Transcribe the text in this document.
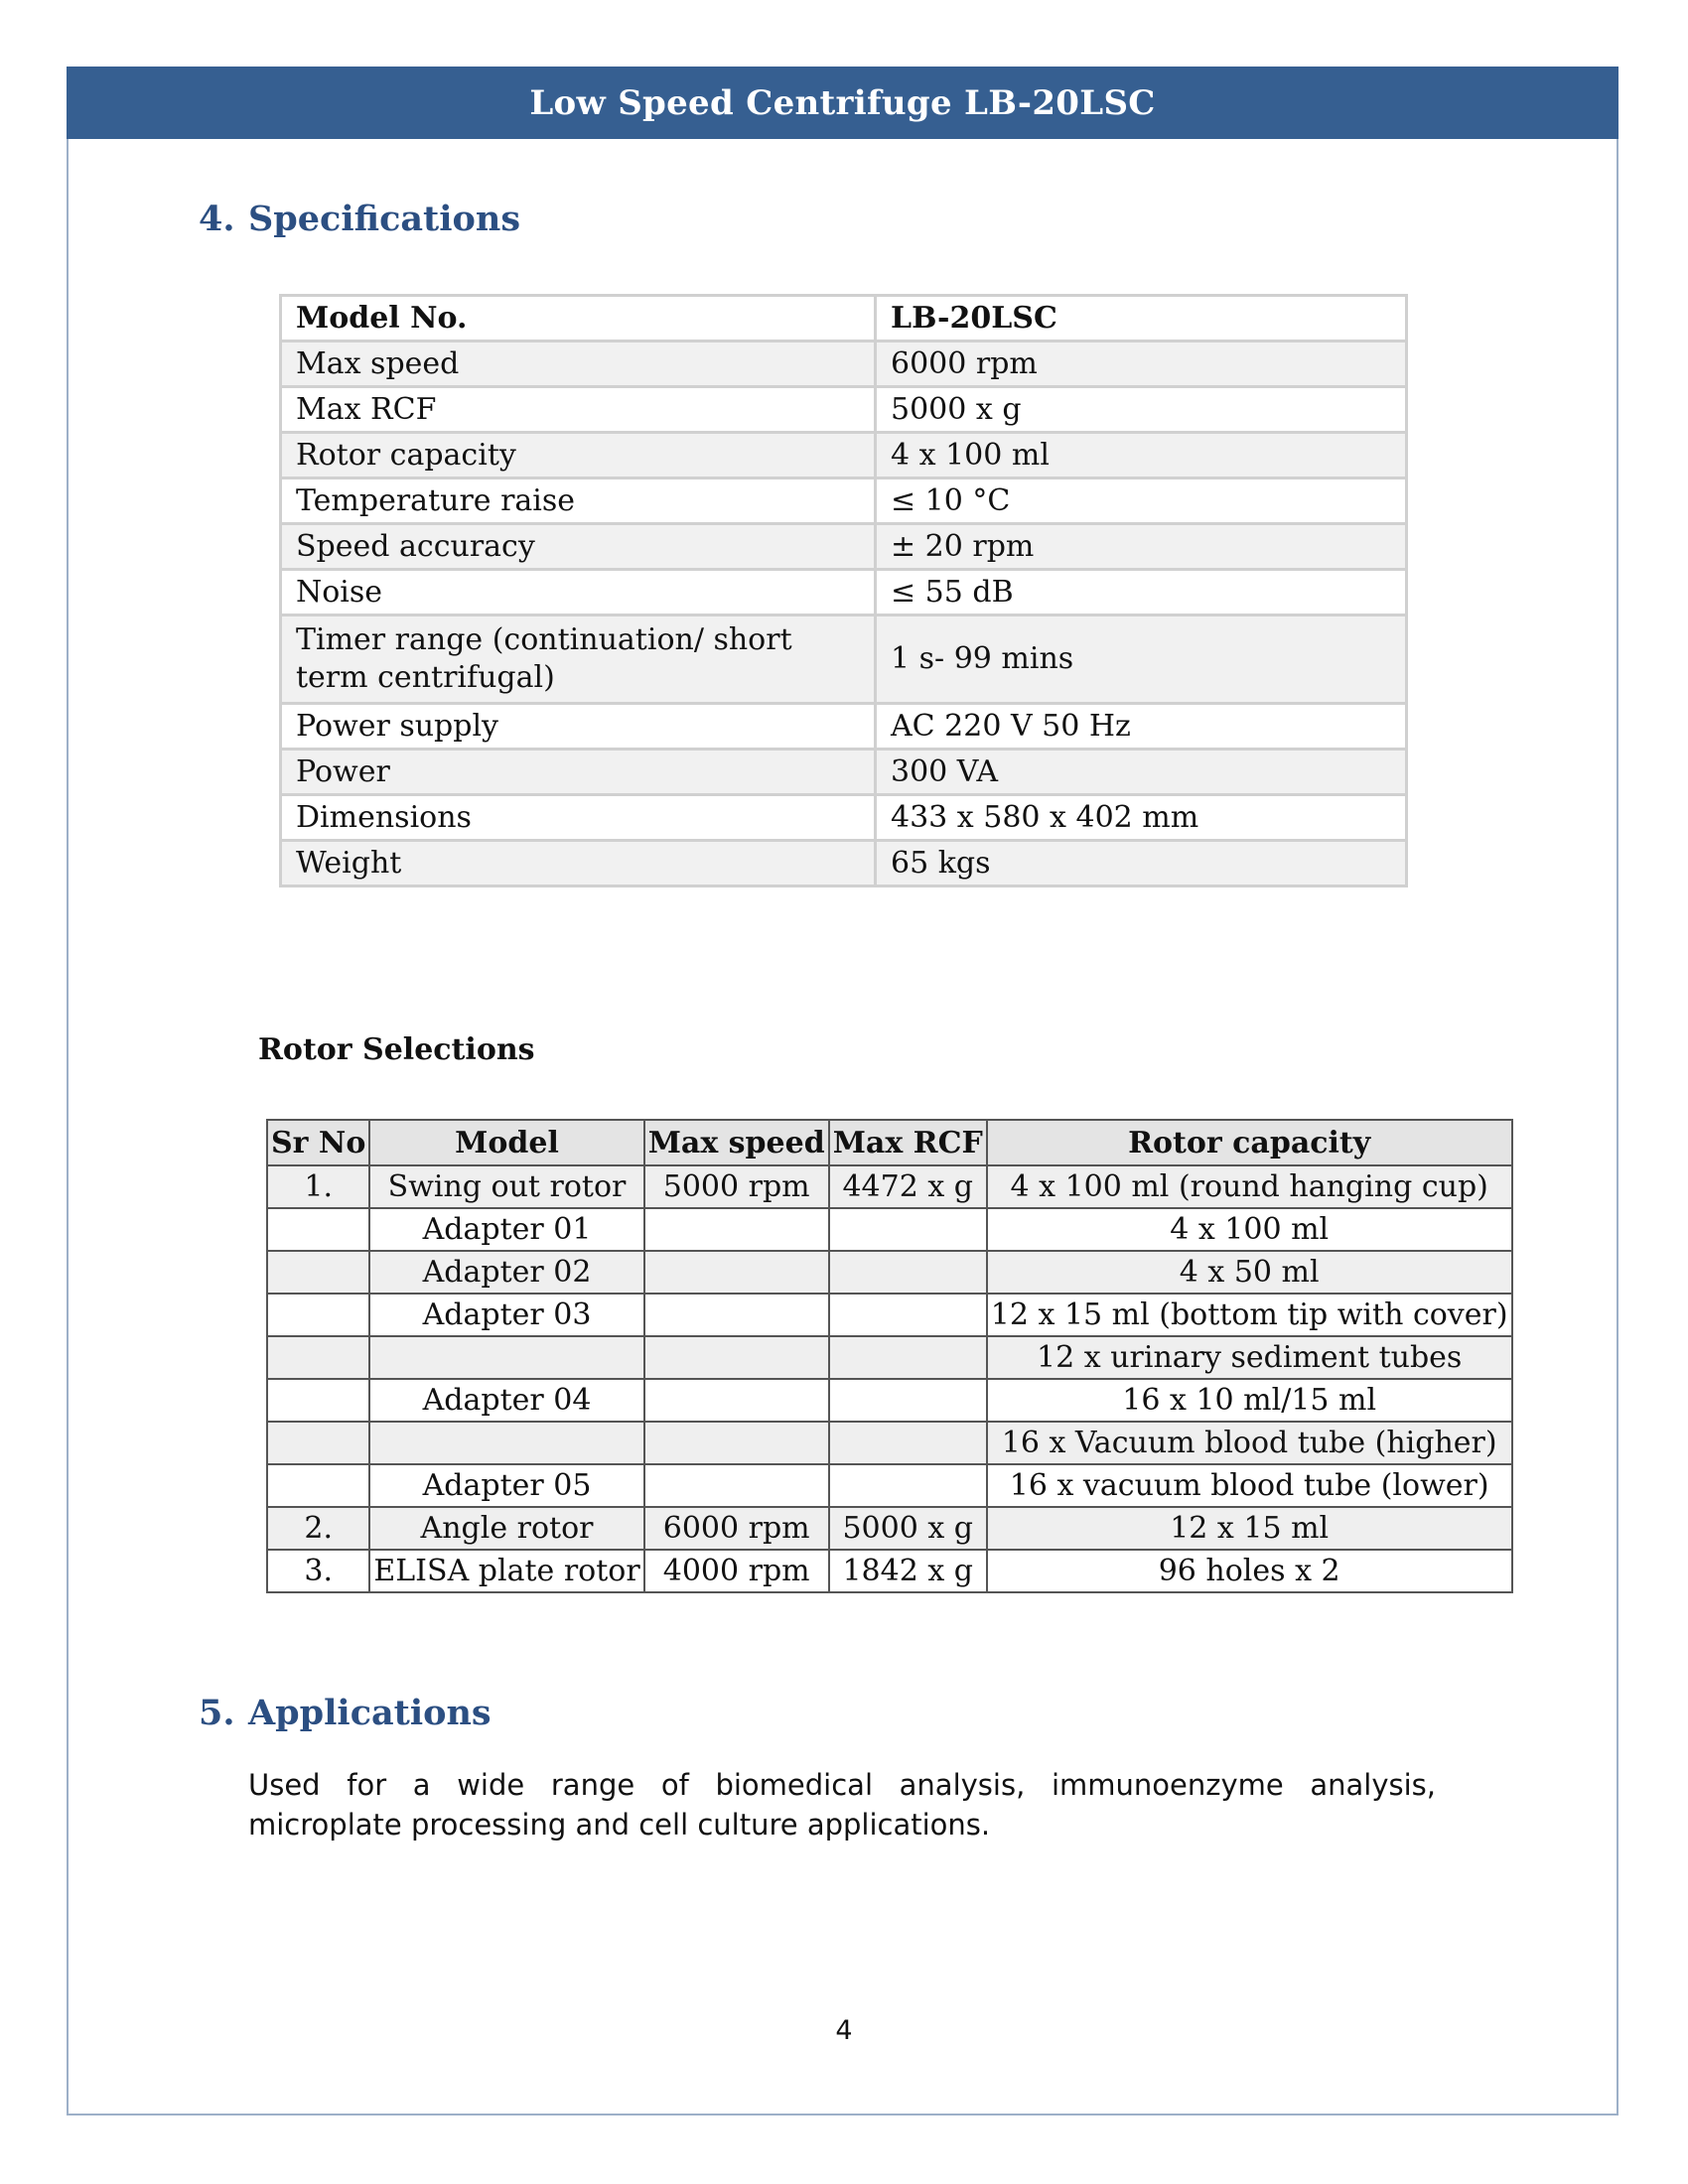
Low Speed Centrifuge LB-20LSC
4. Specifications
Model No.	LB-20LSC
Max speed	6000 rpm
Max RCF	5000 x g
Rotor capacity	4 x 100 ml
Temperature raise	≤ 10 °C
Speed accuracy	± 20 rpm
Noise	≤ 55 dB
Timer range (continuation/ short term centrifugal)	1 s- 99 mins
Power supply	AC 220 V 50 Hz
Power	300 VA
Dimensions	433 x 580 x 402 mm
Weight	65 kgs
Rotor Selections
Sr No	Model	Max speed	Max RCF	Rotor capacity
1.	Swing out rotor	5000 rpm	4472 x g	4 x 100 ml (round hanging cup)
	Adapter 01			4 x 100 ml
	Adapter 02			4 x 50 ml
	Adapter 03			12 x 15 ml (bottom tip with cover)
				12 x urinary sediment tubes
	Adapter 04			16 x 10 ml/15 ml
				16 x Vacuum blood tube (higher)
	Adapter 05			16 x vacuum blood tube (lower)
2.	Angle rotor	6000 rpm	5000 x g	12 x 15 ml
3.	ELISA plate rotor	4000 rpm	1842 x g	96 holes x 2
5. Applications
Used for a wide range of biomedical analysis, immunoenzyme analysis, microplate processing and cell culture applications.
4
